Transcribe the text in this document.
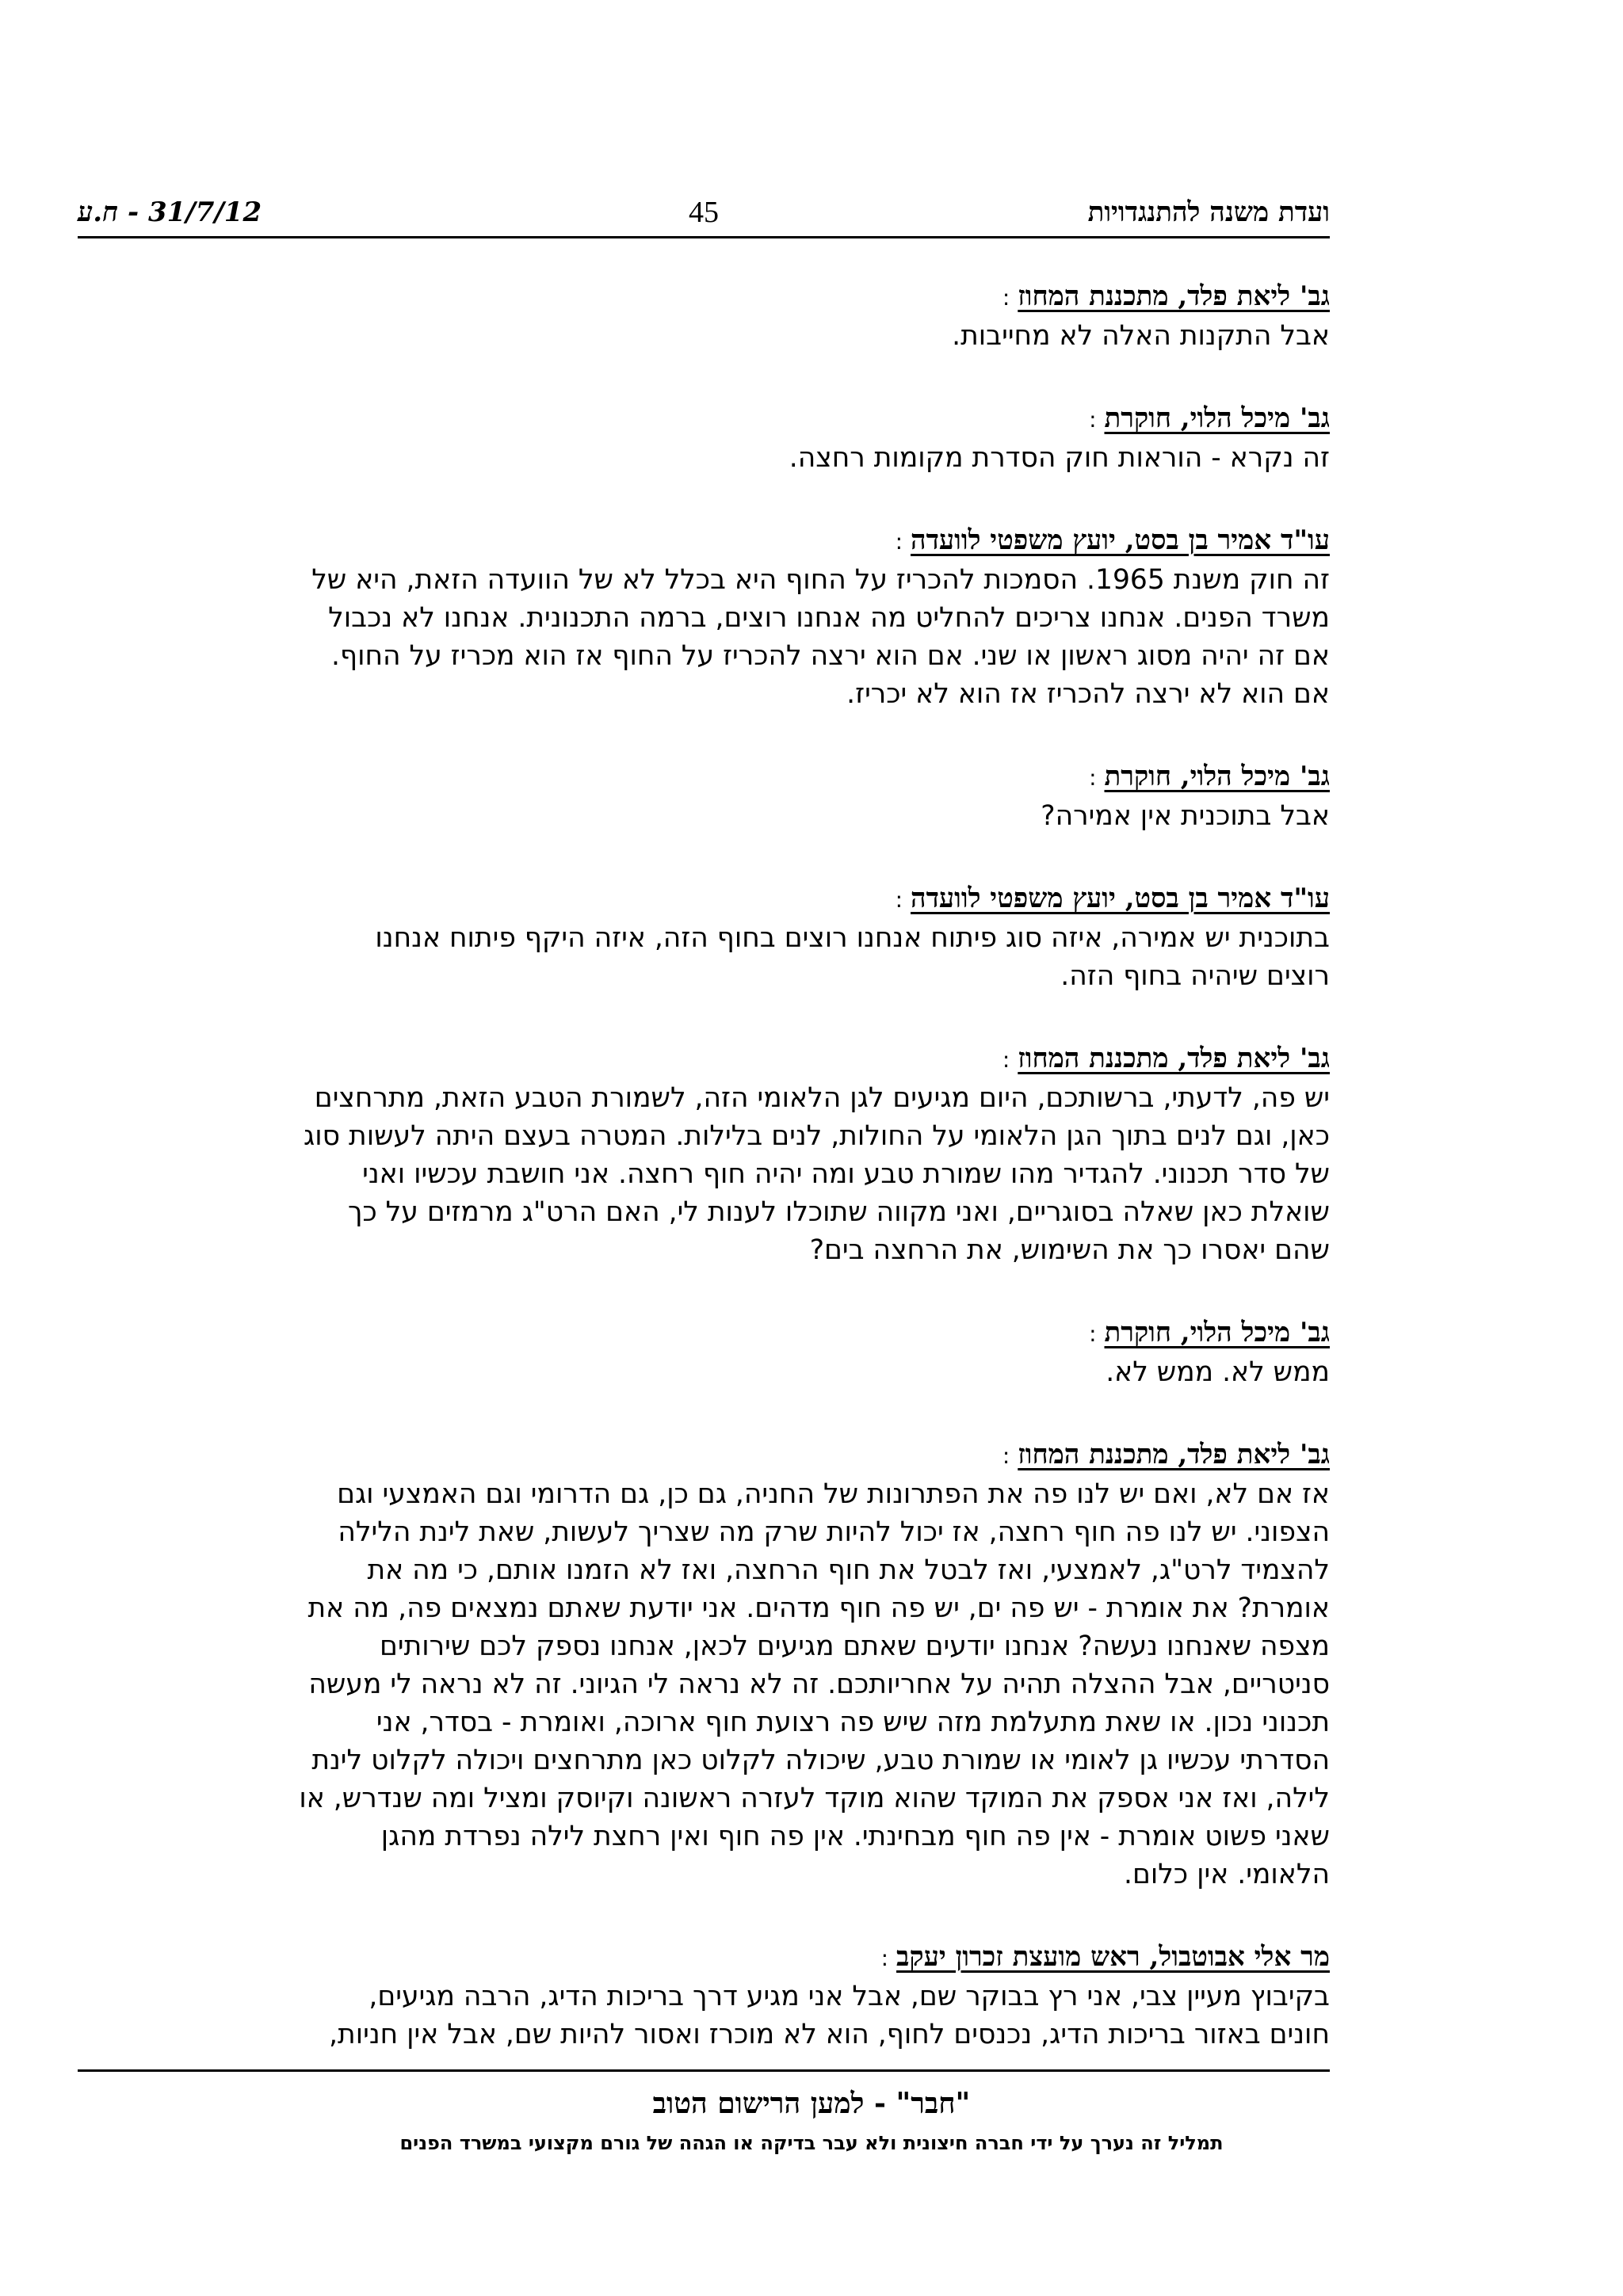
ועדת משנה להתנגדויות
45
31/7/12 - ח.ע
גב' ליאת פלד, מתכננת המחוז:

אבל התקנות האלה לא מחייבות.

גב' מיכל הלוי, חוקרת:

זה נקרא - הוראות חוק הסדרת מקומות רחצה.

עו"ד אמיר בן בסט, יועץ משפטי לוועדה:

זה חוק משנת 1965. הסמכות להכריז על החוף היא בכלל לא של הוועדה הזאת, היא של

משרד הפנים. אנחנו צריכים להחליט מה אנחנו רוצים, ברמה התכנונית. אנחנו לא נכבול

אם זה יהיה מסוג ראשון או שני. אם הוא ירצה להכריז על החוף אז הוא מכריז על החוף.

אם הוא לא ירצה להכריז אז הוא לא יכריז.

גב' מיכל הלוי, חוקרת:

אבל בתוכנית אין אמירה?

עו"ד אמיר בן בסט, יועץ משפטי לוועדה:

בתוכנית יש אמירה, איזה סוג פיתוח אנחנו רוצים בחוף הזה, איזה היקף פיתוח אנחנו

רוצים שיהיה בחוף הזה.

גב' ליאת פלד, מתכננת המחוז:

יש פה, לדעתי, ברשותכם, היום מגיעים לגן הלאומי הזה, לשמורת הטבע הזאת, מתרחצים

כאן, וגם לנים בתוך הגן הלאומי על החולות, לנים בלילות. המטרה בעצם היתה לעשות סוג

של סדר תכנוני. להגדיר מהו שמורת טבע ומה יהיה חוף רחצה. אני חושבת עכשיו ואני

שואלת כאן שאלה בסוגריים, ואני מקווה שתוכלו לענות לי, האם הרט"ג מרמזים על כך

שהם יאסרו כך את השימוש, את הרחצה בים?

גב' מיכל הלוי, חוקרת:

ממש לא. ממש לא.

גב' ליאת פלד, מתכננת המחוז:

אז אם לא, ואם יש לנו פה את הפתרונות של החניה, גם כן, גם הדרומי וגם האמצעי וגם

הצפוני. יש לנו פה חוף רחצה, אז יכול להיות שרק מה שצריך לעשות, שאת לינת הלילה

להצמיד לרט"ג, לאמצעי, ואז לבטל את חוף הרחצה, ואז לא הזמנו אותם, כי מה את

אומרת? את אומרת - יש פה ים, יש פה חוף מדהים. אני יודעת שאתם נמצאים פה, מה את

מצפה שאנחנו נעשה? אנחנו יודעים שאתם מגיעים לכאן, אנחנו נספק לכם שירותים

סניטריים, אבל ההצלה תהיה על אחריותכם. זה לא נראה לי הגיוני. זה לא נראה לי מעשה

תכנוני נכון. או שאת מתעלמת מזה שיש פה רצועת חוף ארוכה, ואומרת - בסדר, אני

הסדרתי עכשיו גן לאומי או שמורת טבע, שיכולה לקלוט כאן מתרחצים ויכולה לקלוט לינת

לילה, ואז אני אספק את המוקד שהוא מוקד לעזרה ראשונה וקיוסק ומציל ומה שנדרש, או

שאני פשוט אומרת - אין פה חוף מבחינתי. אין פה חוף ואין רחצת לילה נפרדת מהגן

הלאומי. אין כלום.

מר אלי אבוטבול, ראש מועצת זכרון יעקב:

בקיבוץ מעיין צבי, אני רץ בבוקר שם, אבל אני מגיע דרך בריכות הדיג, הרבה מגיעים,

חונים באזור בריכות הדיג, נכנסים לחוף, הוא לא מוכרז ואסור להיות שם, אבל אין חניות,

"חבר" - למען הרישום הטוב
תמליל זה נערך על ידי חברה חיצונית ולא עבר בדיקה או הגהה של גורם מקצועי במשרד הפנים
